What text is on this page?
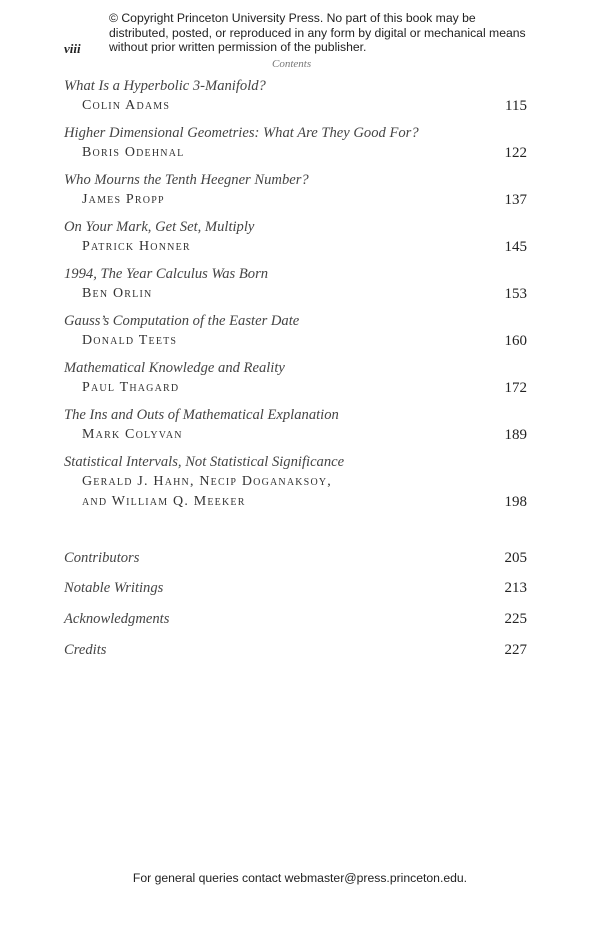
© Copyright Princeton University Press. No part of this book may be distributed, posted, or reproduced in any form by digital or mechanical means without prior written permission of the publisher.
viii
Contents
What Is a Hyperbolic 3-Manifold?
Colin Adams	115
Higher Dimensional Geometries: What Are They Good For?
Boris Odehnal	122
Who Mourns the Tenth Heegner Number?
James Propp	137
On Your Mark, Get Set, Multiply
Patrick Honner	145
1994, The Year Calculus Was Born
Ben Orlin	153
Gauss’s Computation of the Easter Date
Donald Teets	160
Mathematical Knowledge and Reality
Paul Thagard	172
The Ins and Outs of Mathematical Explanation
Mark Colyvan	189
Statistical Intervals, Not Statistical Significance
Gerald J. Hahn, Necip Doganaksoy,
and William Q. Meeker	198
Contributors	205
Notable Writings	213
Acknowledgments	225
Credits	227
For general queries contact webmaster@press.princeton.edu.
